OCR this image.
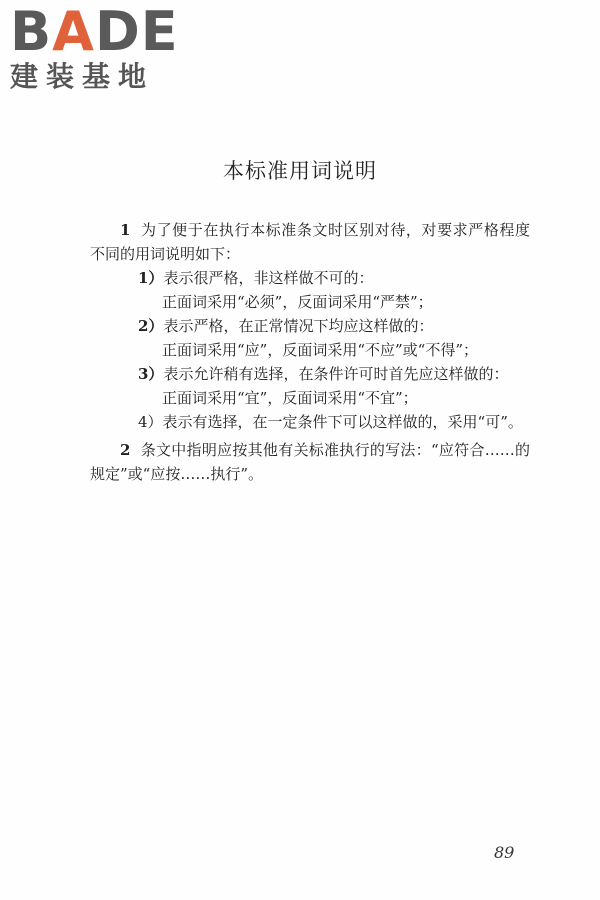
BADE
建装基地
本标准用词说明

1 为了便于在执行本标准条文时区别对待，对要求严格程度不同的用词说明如下：

1）表示很严格，非这样做不可的：
正面词采用“必须”，反面词采用“严禁”；
2）表示严格，在正常情况下均应这样做的：
正面词采用“应”，反面词采用“不应”或“不得”；
3）表示允许稍有选择，在条件许可时首先应这样做的：
正面词采用“宜”，反面词采用“不宜”；
4）表示有选择，在一定条件下可以这样做的，采用“可”。

2 条文中指明应按其他有关标准执行的写法：“应符合……的规定”或“应按……执行”。

89
